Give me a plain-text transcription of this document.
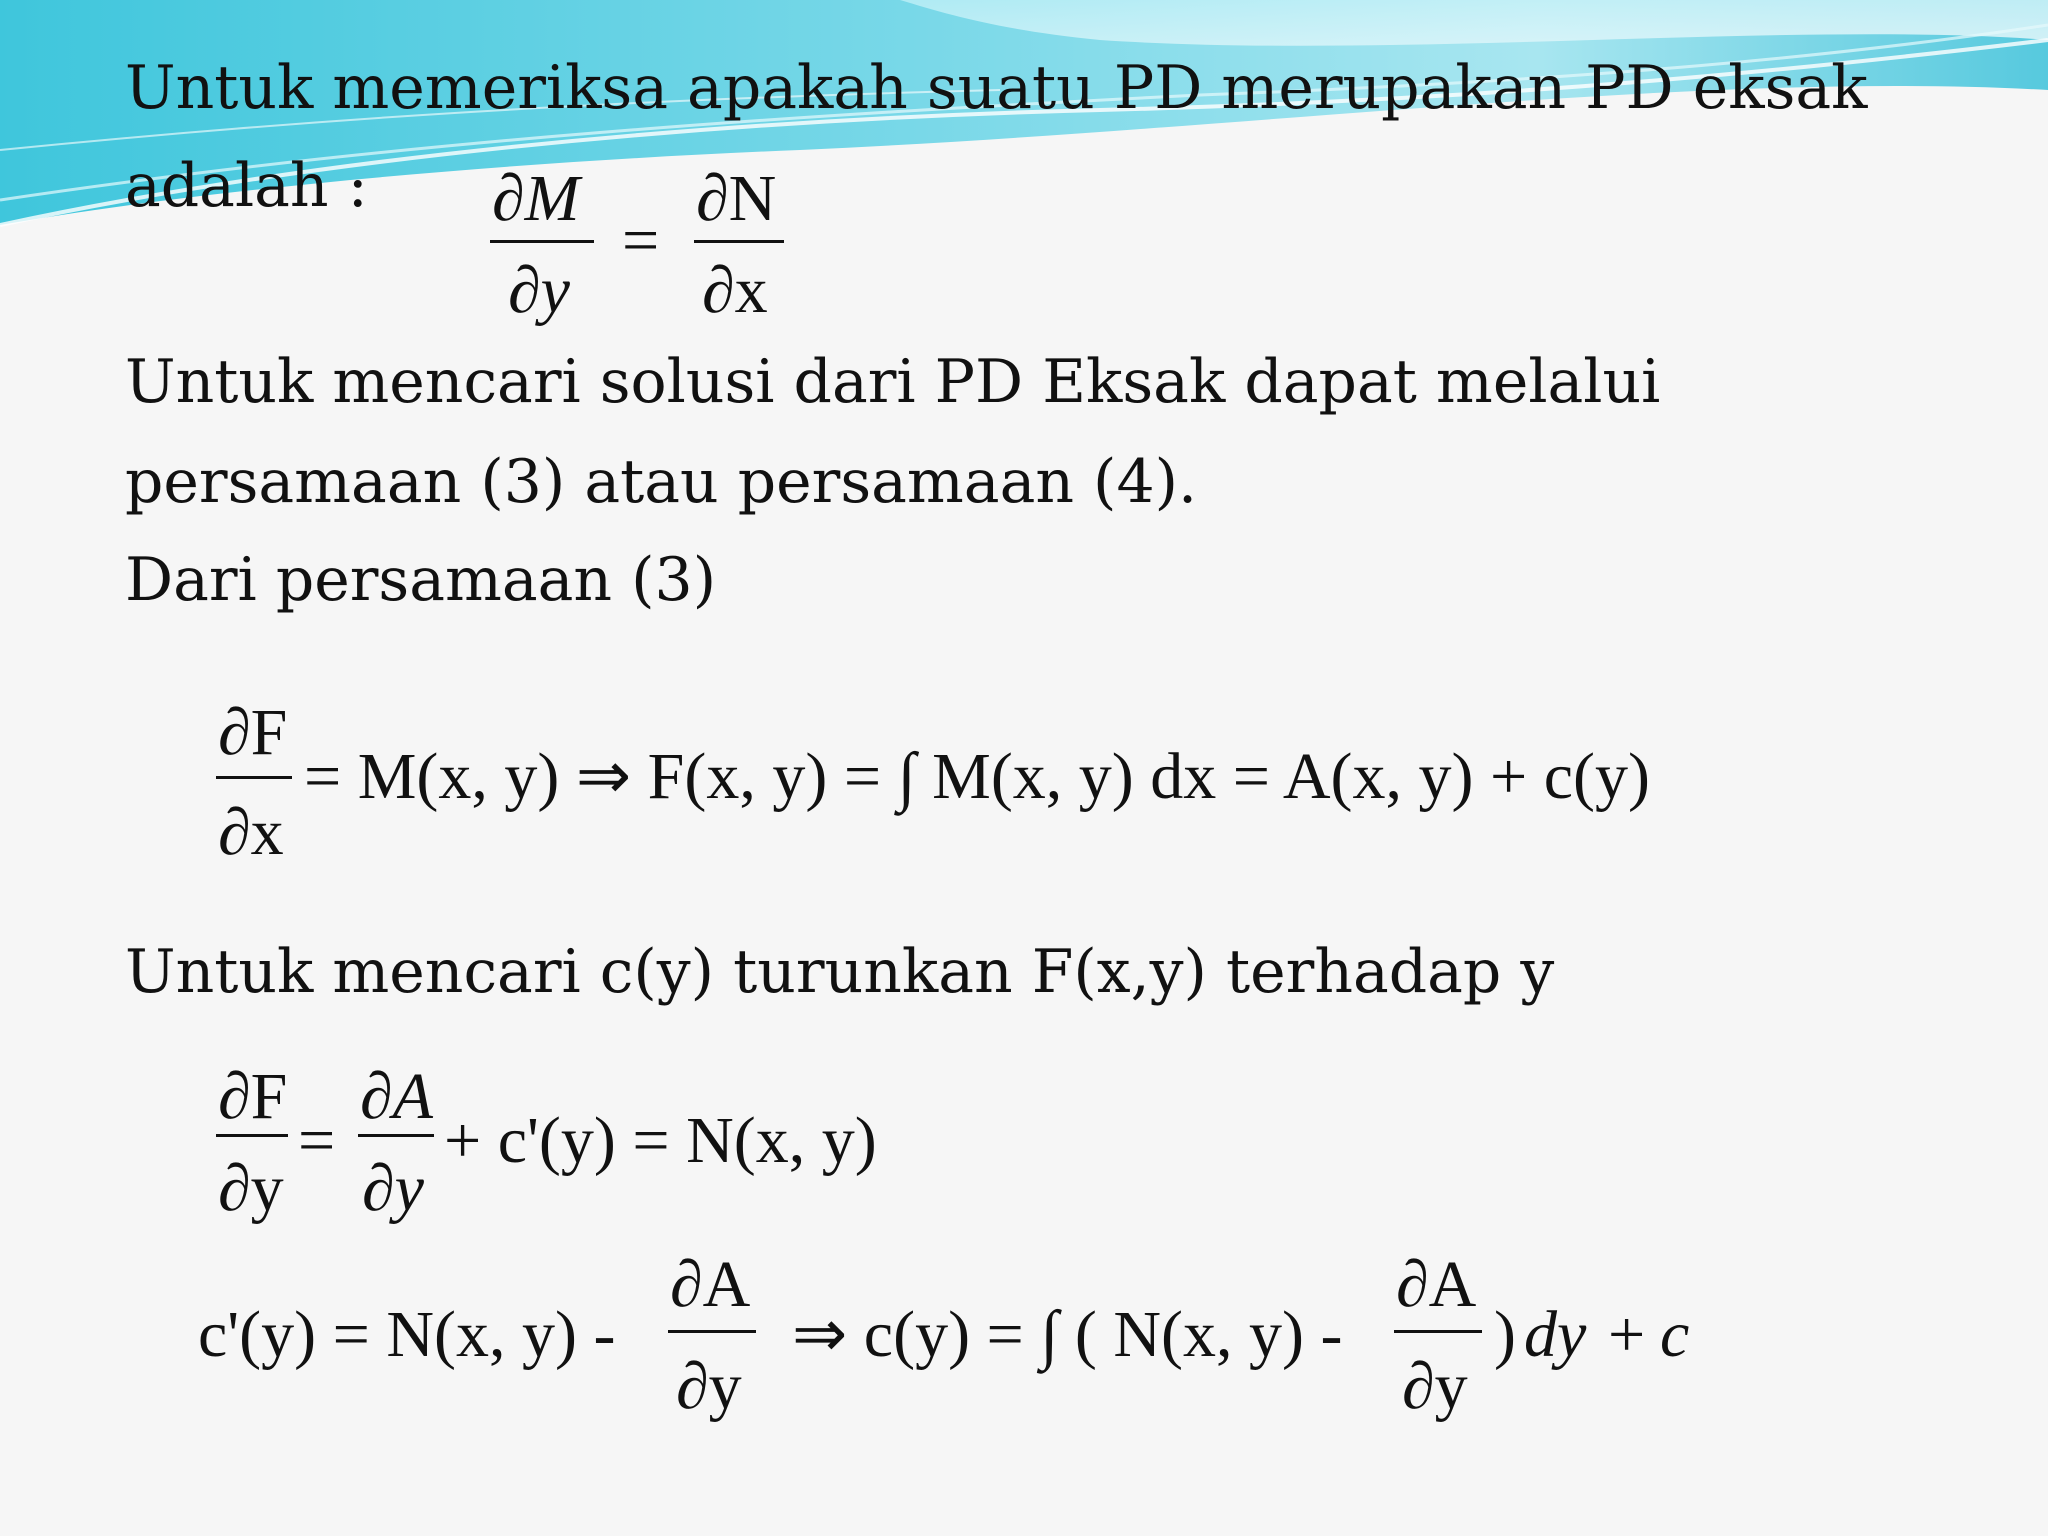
Untuk memeriksa apakah suatu PD merupakan PD eksak

adalah :

Untuk mencari solusi dari PD Eksak dapat melalui

persamaan (3) atau persamaan (4).

Dari persamaan (3)

Untuk mencari c(y) turunkan F(x,y) terhadap y

∂M
∂y
=
∂N
∂x
∂F
∂x
= M(x, y) ⇒ F(x, y) = ∫ M(x, y) dx = A(x, y) + c(y)
∂F
∂y
=
∂A
∂y
+ c'(y) = N(x, y)
c'(y) = N(x, y) -
∂A
∂y
⇒ c(y) = ∫ ( N(x, y) -
∂A
∂y
) dy + c
